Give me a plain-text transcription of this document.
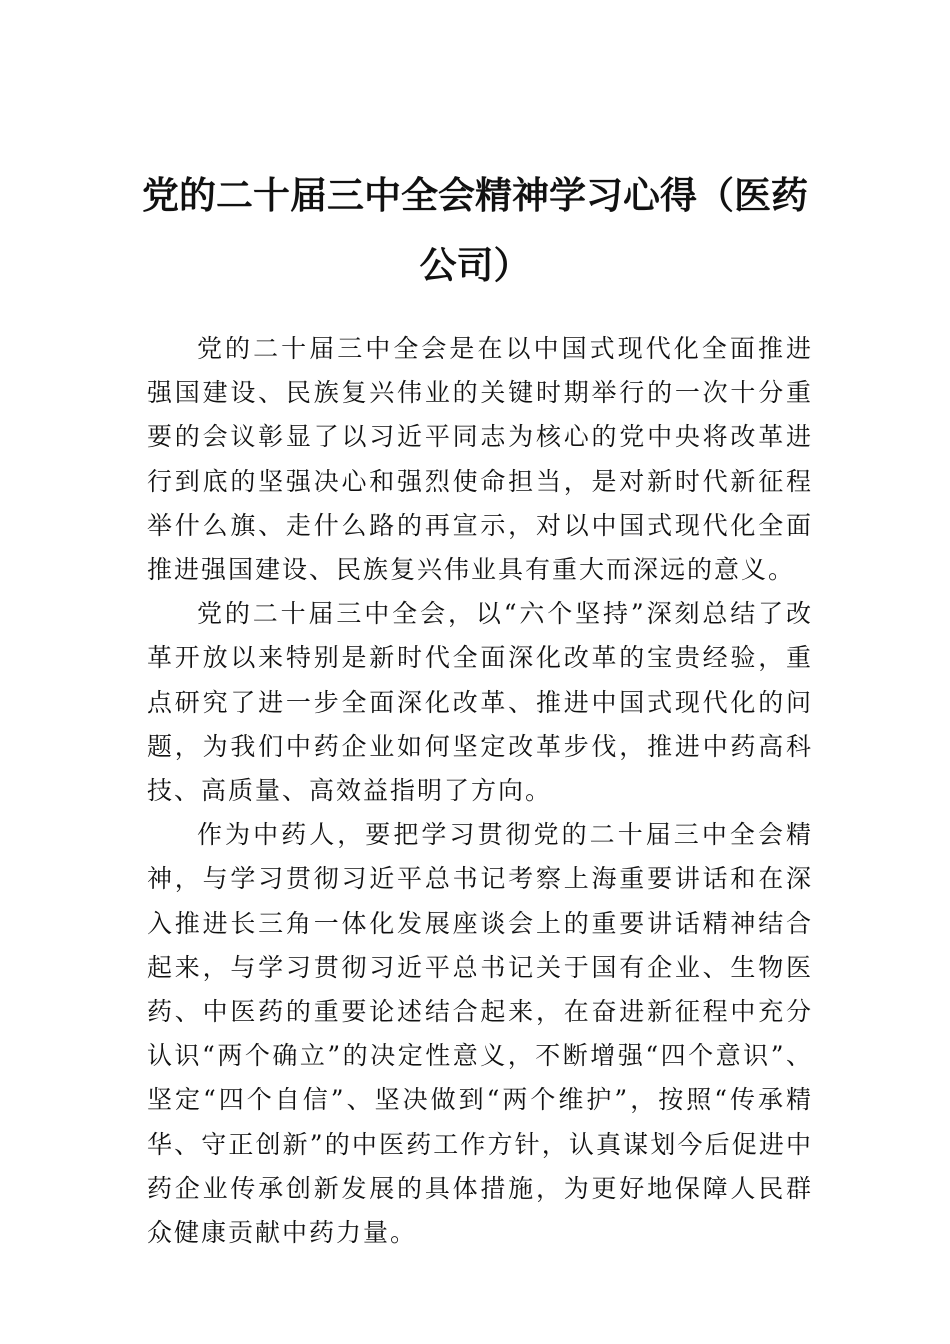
党的二十届三中全会精神学习心得（医药公司）

党的二十届三中全会是在以中国式现代化全面推进强国建设、民族复兴伟业的关键时期举行的一次十分重要的会议彰显了以习近平同志为核心的党中央将改革进行到底的坚强决心和强烈使命担当，是对新时代新征程举什么旗、走什么路的再宣示，对以中国式现代化全面推进强国建设、民族复兴伟业具有重大而深远的意义。

党的二十届三中全会，以“六个坚持”深刻总结了改革开放以来特别是新时代全面深化改革的宝贵经验，重点研究了进一步全面深化改革、推进中国式现代化的问题，为我们中药企业如何坚定改革步伐，推进中药高科技、高质量、高效益指明了方向。

作为中药人，要把学习贯彻党的二十届三中全会精神，与学习贯彻习近平总书记考察上海重要讲话和在深入推进长三角一体化发展座谈会上的重要讲话精神结合起来，与学习贯彻习近平总书记关于国有企业、生物医药、中医药的重要论述结合起来，在奋进新征程中充分认识“两个确立”的决定性意义，不断增强“四个意识”、坚定“四个自信”、坚决做到“两个维护”，按照“传承精华、守正创新”的中医药工作方针，认真谋划今后促进中药企业传承创新发展的具体措施，为更好地保障人民群众健康贡献中药力量。
